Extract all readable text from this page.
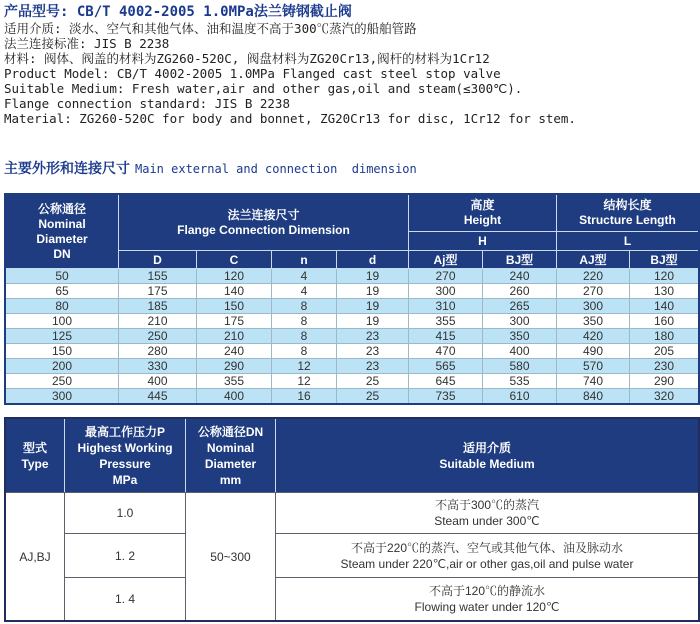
产品型号: CB/T 4002-2005 1.0MPa法兰铸钢截止阀
适用介质: 淡水、空气和其他气体、油和温度不高于300℃蒸汽的船舶管路
法兰连接标准: JIS B 2238
材料: 阀体、阀盖的材料为ZG260-520C, 阀盘材料为ZG20Cr13,阀杆的材料为1Cr12
Product Model: CB/T 4002-2005 1.0MPa Flanged cast steel stop valve
Suitable Medium: Fresh water,air and other gas,oil and steam(≤300℃).
Flange connection standard: JIS B 2238
Material: ZG260-520C for body and bonnet, ZG20Cr13 for disc, 1Cr12 for stem.
主要外形和连接尺寸 Main external and connection  dimension
公称通径
Nominal
Diameter
DN

法兰连接尺寸
Flange Connection Dimension

高度
Height

结构长度
Structure Length

					H		L	
	D	C	n	d	Aj型	BJ型	AJ型	BJ型
50	155	120	4	19	270	240	220	120
65	175	140	4	19	300	260	270	130
80	185	150	8	19	310	265	300	140
100	210	175	8	19	355	300	350	160
125	250	210	8	23	415	350	420	180
150	280	240	8	23	470	400	490	205
200	330	290	12	23	565	580	570	230
250	400	355	12	25	645	535	740	290
300	445	400	16	25	735	610	840	320
型式
Type

最高工作压力P
Highest Working Pressure
MPa

公称通径DN
Nominal Diameter
mm

适用介质
Suitable Medium

AJ,BJ	1.0	50~300	不高于300℃的蒸汽
Steam under 300℃

	1. 2		不高于220℃的蒸汽、空气或其他气体、油及脉动水
Steam under 220℃,air or other gas,oil and pulse water

	1. 4		不高于120℃的静流水
Flowing water under 120℃
